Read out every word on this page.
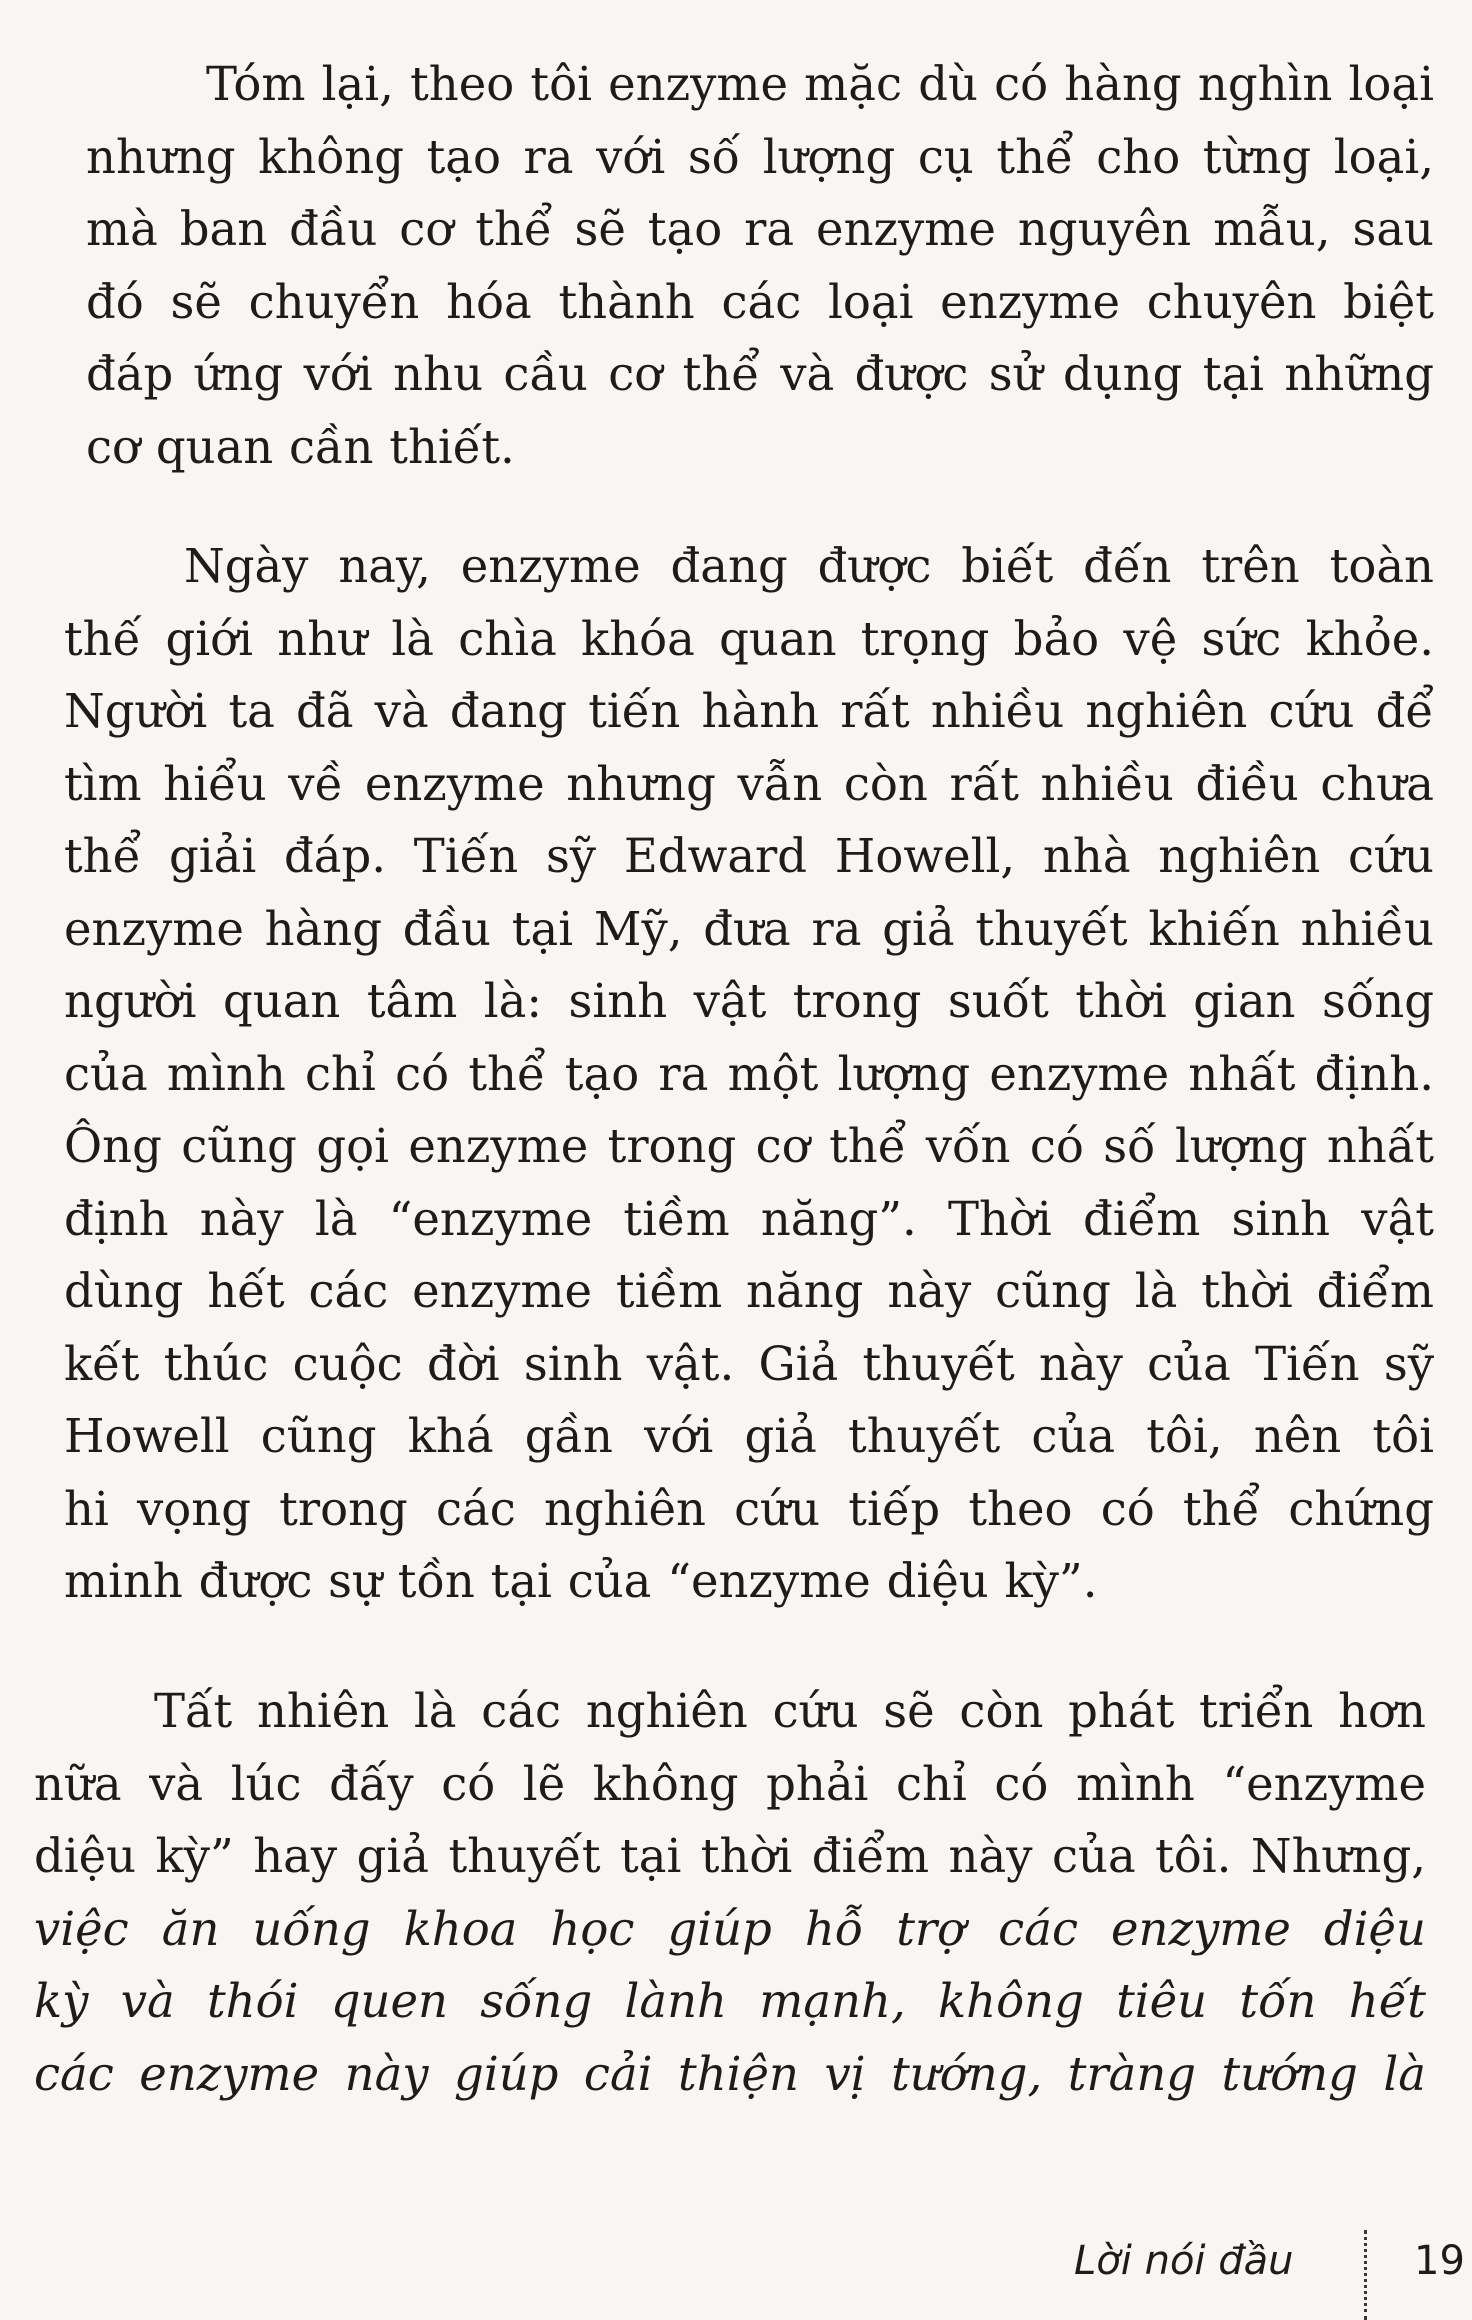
Tóm lại, theo tôi enzyme mặc dù có hàng nghìn loại
nhưng không tạo ra với số lượng cụ thể cho từng loại,
mà ban đầu cơ thể sẽ tạo ra enzyme nguyên mẫu, sau
đó sẽ chuyển hóa thành các loại enzyme chuyên biệt
đáp ứng với nhu cầu cơ thể và được sử dụng tại những
cơ quan cần thiết.
Ngày nay, enzyme đang được biết đến trên toàn
thế giới như là chìa khóa quan trọng bảo vệ sức khỏe.
Người ta đã và đang tiến hành rất nhiều nghiên cứu để
tìm hiểu về enzyme nhưng vẫn còn rất nhiều điều chưa
thể giải đáp. Tiến sỹ Edward Howell, nhà nghiên cứu
enzyme hàng đầu tại Mỹ, đưa ra giả thuyết khiến nhiều
người quan tâm là: sinh vật trong suốt thời gian sống
của mình chỉ có thể tạo ra một lượng enzyme nhất định.
Ông cũng gọi enzyme trong cơ thể vốn có số lượng nhất
định này là “enzyme tiềm năng”. Thời điểm sinh vật
dùng hết các enzyme tiềm năng này cũng là thời điểm
kết thúc cuộc đời sinh vật. Giả thuyết này của Tiến sỹ
Howell cũng khá gần với giả thuyết của tôi, nên tôi
hi vọng trong các nghiên cứu tiếp theo có thể chứng
minh được sự tồn tại của “enzyme diệu kỳ”.
Tất nhiên là các nghiên cứu sẽ còn phát triển hơn
nữa và lúc đấy có lẽ không phải chỉ có mình “enzyme
diệu kỳ” hay giả thuyết tại thời điểm này của tôi. Nhưng,
việc ăn uống khoa học giúp hỗ trợ các enzyme diệu
kỳ và thói quen sống lành mạnh, không tiêu tốn hết
các enzyme này giúp cải thiện vị tướng, tràng tướng là
Lời nói đầu	19
